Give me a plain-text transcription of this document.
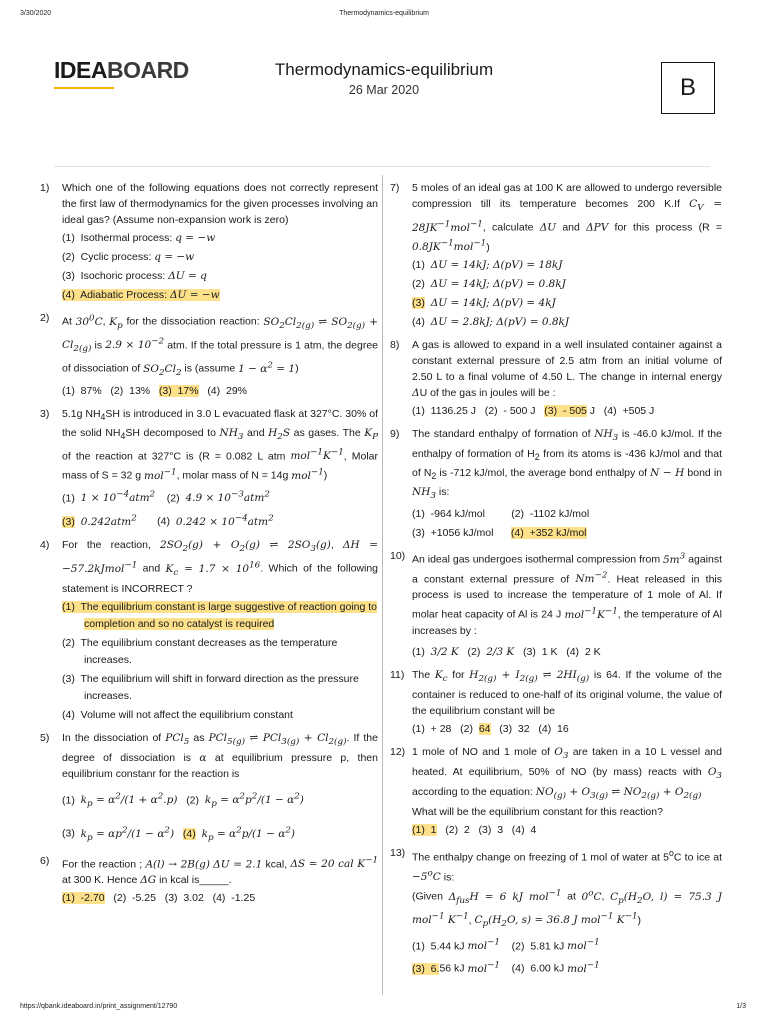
3/30/2020	Thermodynamics-equilibrium
IDEABOARD	Thermodynamics-equilibrium
26 Mar 2020	B
1) Which one of the following equations does not correctly represent the first law of thermodynamics for the given processes involving an ideal gas? (Assume non-expansion work is zero)
(1)  Isothermal process: q = −w
(2)  Cyclic process: q = −w
(3)  Isochoric process: ΔU = q
(4)  Adiabatic Process: ΔU = −w
2) At $30^0C$, $K_p$ for the dissociation reaction: $SO_2Cl_{2(g)}$ ⇌ $SO_{2(g)} + Cl_{2(g)}$ is $2.9 \times 10^{-2}$ atm. If the total pressure is 1 atm, the degree of dissociation of $SO_2Cl_2$ is (assume $1 - \alpha^2 = 1$)
(1)  87%   (2)  13%   (3)  17%   (4)  29%
3) 5.1g $NH_4SH$ is introduced in 3.0 L evacuated flask at 327°C. 30% of the solid $NH_4SH$ decomposed to $NH_3$ and $H_2S$ as gases. The $K_P$ of the reaction at 327°C is (R = 0.082 L atm $mol^{-1}K^{-1}$, Molar mass of S = 32 g mol$^{-1}$, molar mass of N = 14g mol$^{-1}$)
(1)  $1 \times 10^{-4}atm^2$    (2)  $4.9 \times 10^{-3}atm^2$
(3) 0.242atm$^2$       (4)  $0.242 \times 10^{-4}atm^2$
4) For the reaction, $2SO_2(g) + O_2(g)$ ⇌ $2SO_3(g)$, ΔH = −57.2kJmol$^{-1}$ and $K_c = 1.7 \times 10^{16}$. Which of the following statement is INCORRECT ?
(1)  The equilibrium constant is large suggestive of reaction going to completion and so no catalyst is required
(2)  The equilibrium constant decreases as the temperature increases.
(3)  The equilibrium will shift in forward direction as the pressure increases.
(4)  Volume will not affect the equilibrium constant
5) In the dissociation of PCl$_5$ as PCl$_{5(g)}$ ⇌ $PCl_{3(g)} + Cl_{2(g)}$. If the degree of dissociation is α at equilibrium pressure p, then equilibrium constanr for the reaction is
(1)  $k_p = \alpha^2/(1 + \alpha^2.p)$   (2)  $k_p = \alpha^2p^2/(1 - \alpha^2)$
(3)  $k_p = \alpha p^2/(1 - \alpha^2)$ (4) $k_p = \alpha^2p/(1 - \alpha^2)$
6) For the reaction ; A(l) → 2B(g) ΔU = 2.1 kcal, ΔS = 20 cal $K^{-1}$ at 300 K. Hence ΔG in kcal is_____.
(1)  -2.70   (2)  -5.25   (3)  3.02   (4)  -1.25
7) 5 moles of an ideal gas at 100 K are allowed to undergo reversible compression till its temperature becomes 200 K.If $C_V = 28JK^{-1}mol^{-1}$, calculate ΔU and ΔPV for this process $(R = 0.8JK^{-1}mol^{-1})$
(1)  ΔU = 14kJ; Δ(pV) = 18kJ
(2)  ΔU = 14kJ; Δ(pV) = 0.8kJ
(3) ΔU = 14kJ; Δ(pV) = 4kJ
(4)  ΔU = 2.8kJ; Δ(pV) = 0.8kJ
8) A gas is allowed to expand in a well insulated container against a constant external pressure of 2.5 atm from an initial volume of 2.50 L to a final volume of 4.50 L. The change in internal energy ΔU of the gas in joules will be :
(1)  1136.25 J   (2)  - 500 J   (3)  - 505 J   (4)  +505 J
9) The standard enthalpy of formation of $NH_3$ is -46.0 kJ/mol. If the enthalpy of formation of $H_2$ from its atoms is -436 kJ/mol and that of $N_2$ is -712 kJ/mol, the average bond enthalpy of N − H bond in $NH_3$ is:
(1)  -964 kJ/mol         (2)  -1102 kJ/mol
(3)  +1056 kJ/mol      (4)  +352 kJ/mol
10) An ideal gas undergoes isothermal compression from $5m^3$ against a constant external pressure of $Nm^{-2}$. Heat released in this process is used to increase the temperature of 1 mole of Al. If molar heat capacity of Al is 24 J $mol^{-1}K^{-1}$, the temperature of Al increases by :
(1)  3/2 K   (2)  2/3 K   (3)  1 K   (4)  2 K
11) The $K_c$ for $H_{2(g)} + I_{2(g)}$ ⇌ $2HI_{(g)}$ is 64. If the volume of the container is reduced to one-half of its original volume, the value of the equilibrium constant will be
(1)  + 28   (2)  64   (3)  32   (4)  16
12) 1 mole of NO and 1 mole of $O_3$ are taken in a 10 L vessel and heated. At equilibrium, 50% of NO (by mass) reacts with $O_3$ according to the equation: $NO_{(g)} + O_{3(g)}$ ⇌ $NO_{2(g)} + O_{2(g)}$
What will be the equilibrium constant for this reaction?
(1)  1   (2)  2   (3)  3   (4)  4
13) The enthalpy change on freezing of 1 mol of water at 5$^o$C to ice at $-5^oC$ is:
(Given $\Delta_{fus}H = 6$ kJ mol$^{-1}$ at 0$^o$C, $C_p(H_2O$, l) = 75.3 J mol$^{-1}$ $K^{-1}$, $C_p(H_2O$, s) = 36.8 J mol$^{-1}$ $K^{-1}$)
(1)  5.44 kJ mol$^{-1}$    (2)  5.81 kJ mol$^{-1}$
(3)  6.56 kJ mol$^{-1}$    (4)  6.00 kJ mol$^{-1}$
https://qbank.ideaboard.in/print_assignment/12790	1/3
